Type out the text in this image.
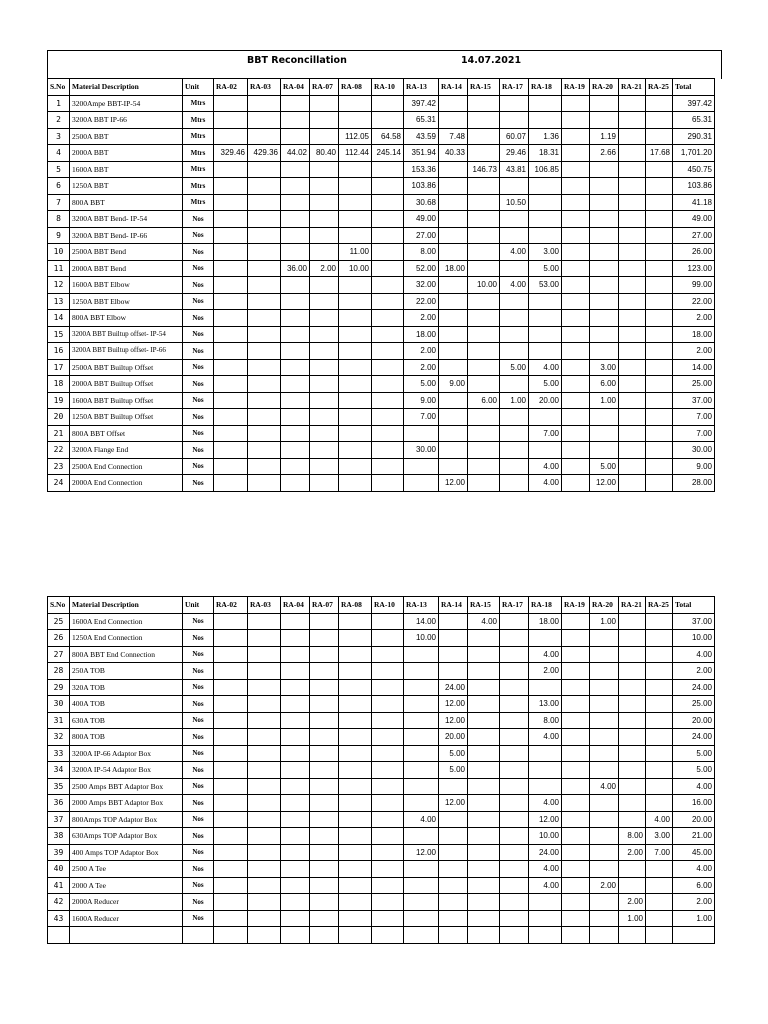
BBT Reconcillation	14.07.2021
S.No	Material Description	Unit	RA-02	RA-03	RA-04	RA-07	RA-08	RA-10	RA-13	RA-14	RA-15	RA-17	RA-18	RA-19	RA-20	RA-21	RA-25	Total
1	3200Ampe BBT-IP-54	Mtrs							397.42									397.42
2	3200A BBT IP-66	Mtrs							65.31									65.31
3	2500A BBT	Mtrs					112.05	64.58	43.59	7.48		60.07	1.36		1.19			290.31
4	2000A BBT	Mtrs	329.46	429.36	44.02	80.40	112.44	245.14	351.94	40.33		29.46	18.31		2.66		17.68	1,701.20
5	1600A BBT	Mtrs							153.36		146.73	43.81	106.85					450.75
6	1250A BBT	Mtrs							103.86									103.86
7	800A BBT	Mtrs							30.68			10.50						41.18
8	3200A BBT Bend- IP-54	Nos							49.00									49.00
9	3200A BBT Bend- IP-66	Nos							27.00									27.00
10	2500A BBT Bend	Nos					11.00		8.00			4.00	3.00					26.00
11	2000A BBT Bend	Nos			36.00	2.00	10.00		52.00	18.00			5.00					123.00
12	1600A BBT Elbow	Nos							32.00		10.00	4.00	53.00					99.00
13	1250A BBT Elbow	Nos							22.00									22.00
14	800A BBT Elbow	Nos							2.00									2.00
15	3200A BBT Builtup offset- IP-54	Nos							18.00									18.00
16	3200A BBT Builtup offset- IP-66	Nos							2.00									2.00
17	2500A BBT Builtup Offset	Nos							2.00			5.00	4.00		3.00			14.00
18	2000A BBT Builtup Offset	Nos							5.00	9.00			5.00		6.00			25.00
19	1600A BBT Builtup Offset	Nos							9.00		6.00	1.00	20.00		1.00			37.00
20	1250A BBT Builtup Offset	Nos							7.00									7.00
21	800A BBT Offset	Nos											7.00					7.00
22	3200A Flange End	Nos							30.00									30.00
23	2500A End Connection	Nos											4.00		5.00			9.00
24	2000A End Connection	Nos								12.00			4.00		12.00			28.00
S.No	Material Description	Unit	RA-02	RA-03	RA-04	RA-07	RA-08	RA-10	RA-13	RA-14	RA-15	RA-17	RA-18	RA-19	RA-20	RA-21	RA-25	Total
25	1600A End Connection	Nos							14.00		4.00		18.00		1.00			37.00
26	1250A End Connection	Nos							10.00									10.00
27	800A BBT End Connection	Nos											4.00					4.00
28	250A TOB	Nos											2.00					2.00
29	320A TOB	Nos								24.00								24.00
30	400A TOB	Nos								12.00			13.00					25.00
31	630A TOB	Nos								12.00			8.00					20.00
32	800A TOB	Nos								20.00			4.00					24.00
33	3200A IP-66 Adaptor Box	Nos								5.00								5.00
34	3200A IP-54 Adaptor Box	Nos								5.00								5.00
35	2500 Amps BBT Adaptor Box	Nos													4.00			4.00
36	2000 Amps BBT Adaptor Box	Nos								12.00			4.00					16.00
37	800Amps TOP Adaptor Box	Nos							4.00				12.00				4.00	20.00
38	630Amps TOP Adaptor Box	Nos											10.00			8.00	3.00	21.00
39	400 Amps TOP Adaptor Box	Nos							12.00				24.00			2.00	7.00	45.00
40	2500 A Tee	Nos											4.00					4.00
41	2000 A Tee	Nos											4.00		2.00			6.00
42	2000A Reducer	Nos														2.00		2.00
43	1600A Reducer	Nos														1.00		1.00
